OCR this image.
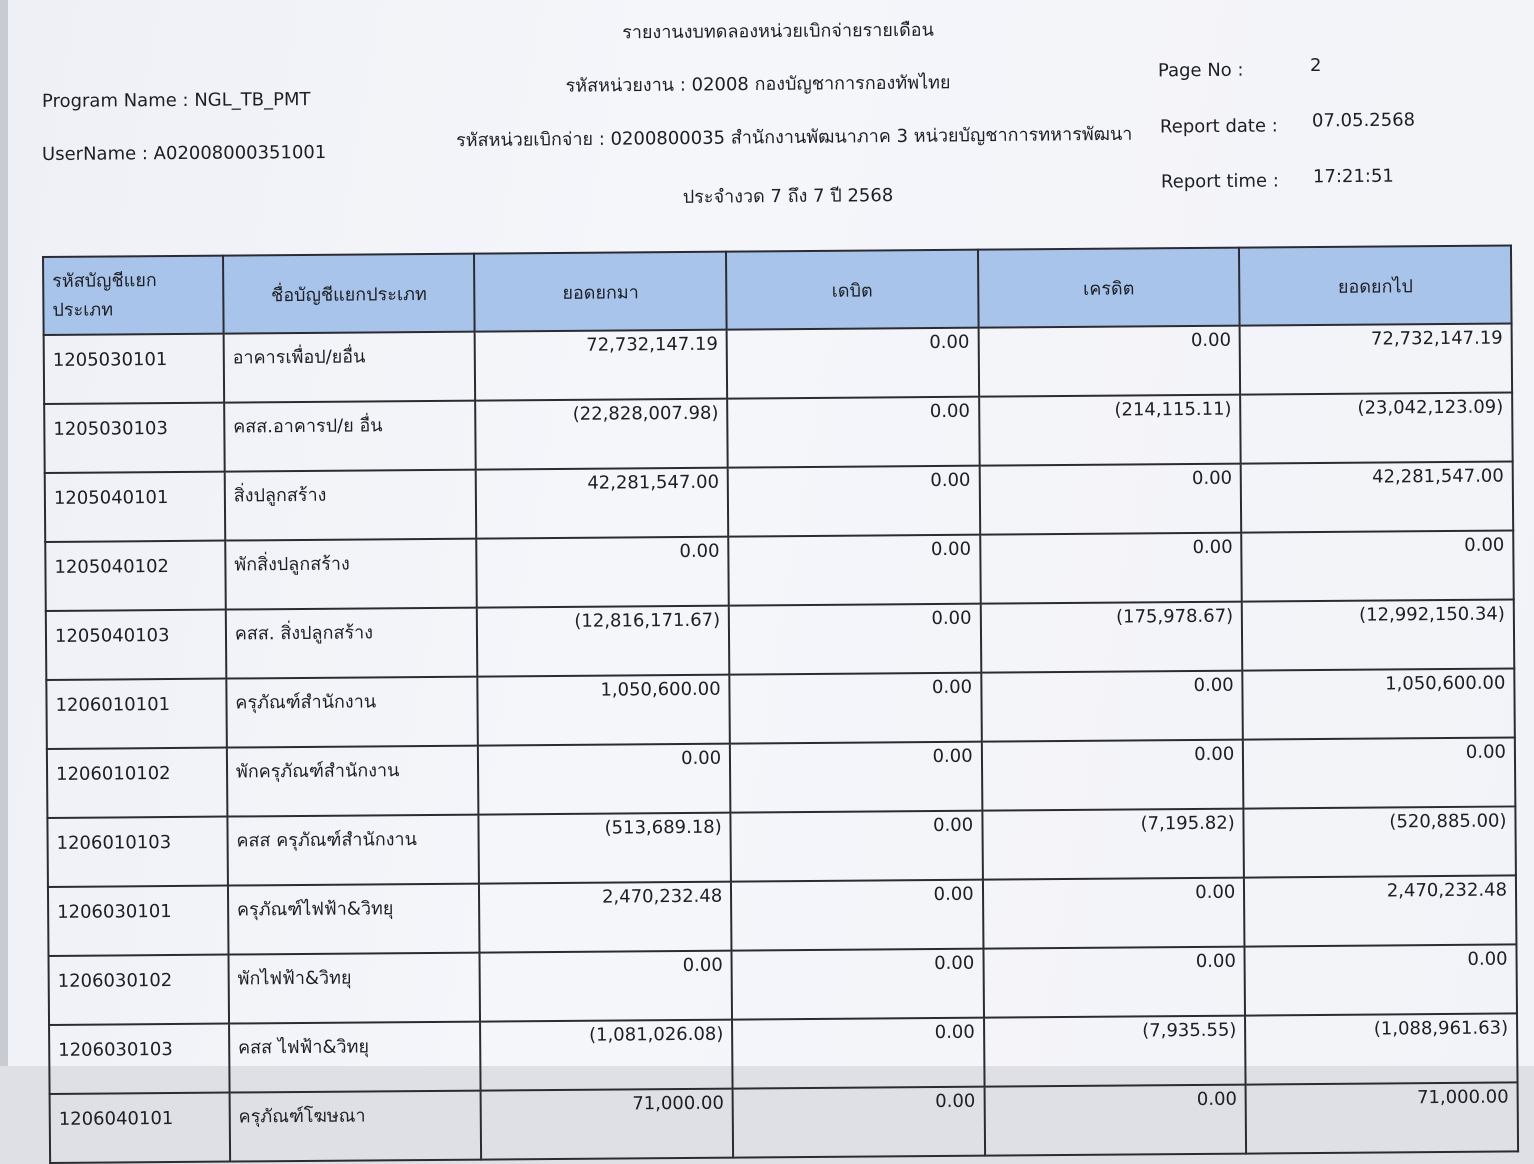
รายงานงบทดลองหน่วยเบิกจ่ายรายเดือน
Program Name : NGL_TB_PMT
รหัสหน่วยงาน : 02008 กองบัญชาการกองทัพไทย
Page No :	2
UserName : A02008000351001
รหัสหน่วยเบิกจ่าย : 0200800035 สำนักงานพัฒนาภาค 3 หน่วยบัญชาการทหารพัฒนา Report date : 07.05.2568
ประจำงวด 7 ถึง 7 ปี 2568
Report time : 17:21:51
รหัสบัญชีแยกประเภท	ชื่อบัญชีแยกประเภท	ยอดยกมา	เดบิต	เครดิต	ยอดยกไป
1205030101	อาคารเพื่อป/ยอื่น	72,732,147.19	0.00	0.00	72,732,147.19
1205030103	คสส.อาคารป/ย อื่น	(22,828,007.98)	0.00	(214,115.11)	(23,042,123.09)
1205040101	สิ่งปลูกสร้าง	42,281,547.00	0.00	0.00	42,281,547.00
1205040102	พักสิ่งปลูกสร้าง	0.00	0.00	0.00	0.00
1205040103	คสส. สิ่งปลูกสร้าง	(12,816,171.67)	0.00	(175,978.67)	(12,992,150.34)
1206010101	ครุภัณฑ์สำนักงาน	1,050,600.00	0.00	0.00	1,050,600.00
1206010102	พักครุภัณฑ์สำนักงาน	0.00	0.00	0.00	0.00
1206010103	คสส ครุภัณฑ์สำนักงาน	(513,689.18)	0.00	(7,195.82)	(520,885.00)
1206030101	ครุภัณฑ์ไฟฟ้า&วิทยุ	2,470,232.48	0.00	0.00	2,470,232.48
1206030102	พักไฟฟ้า&วิทยุ	0.00	0.00	0.00	0.00
1206030103	คสส ไฟฟ้า&วิทยุ	(1,081,026.08)	0.00	(7,935.55)	(1,088,961.63)
1206040101	ครุภัณฑ์โฆษณา	71,000.00	0.00	0.00	71,000.00
